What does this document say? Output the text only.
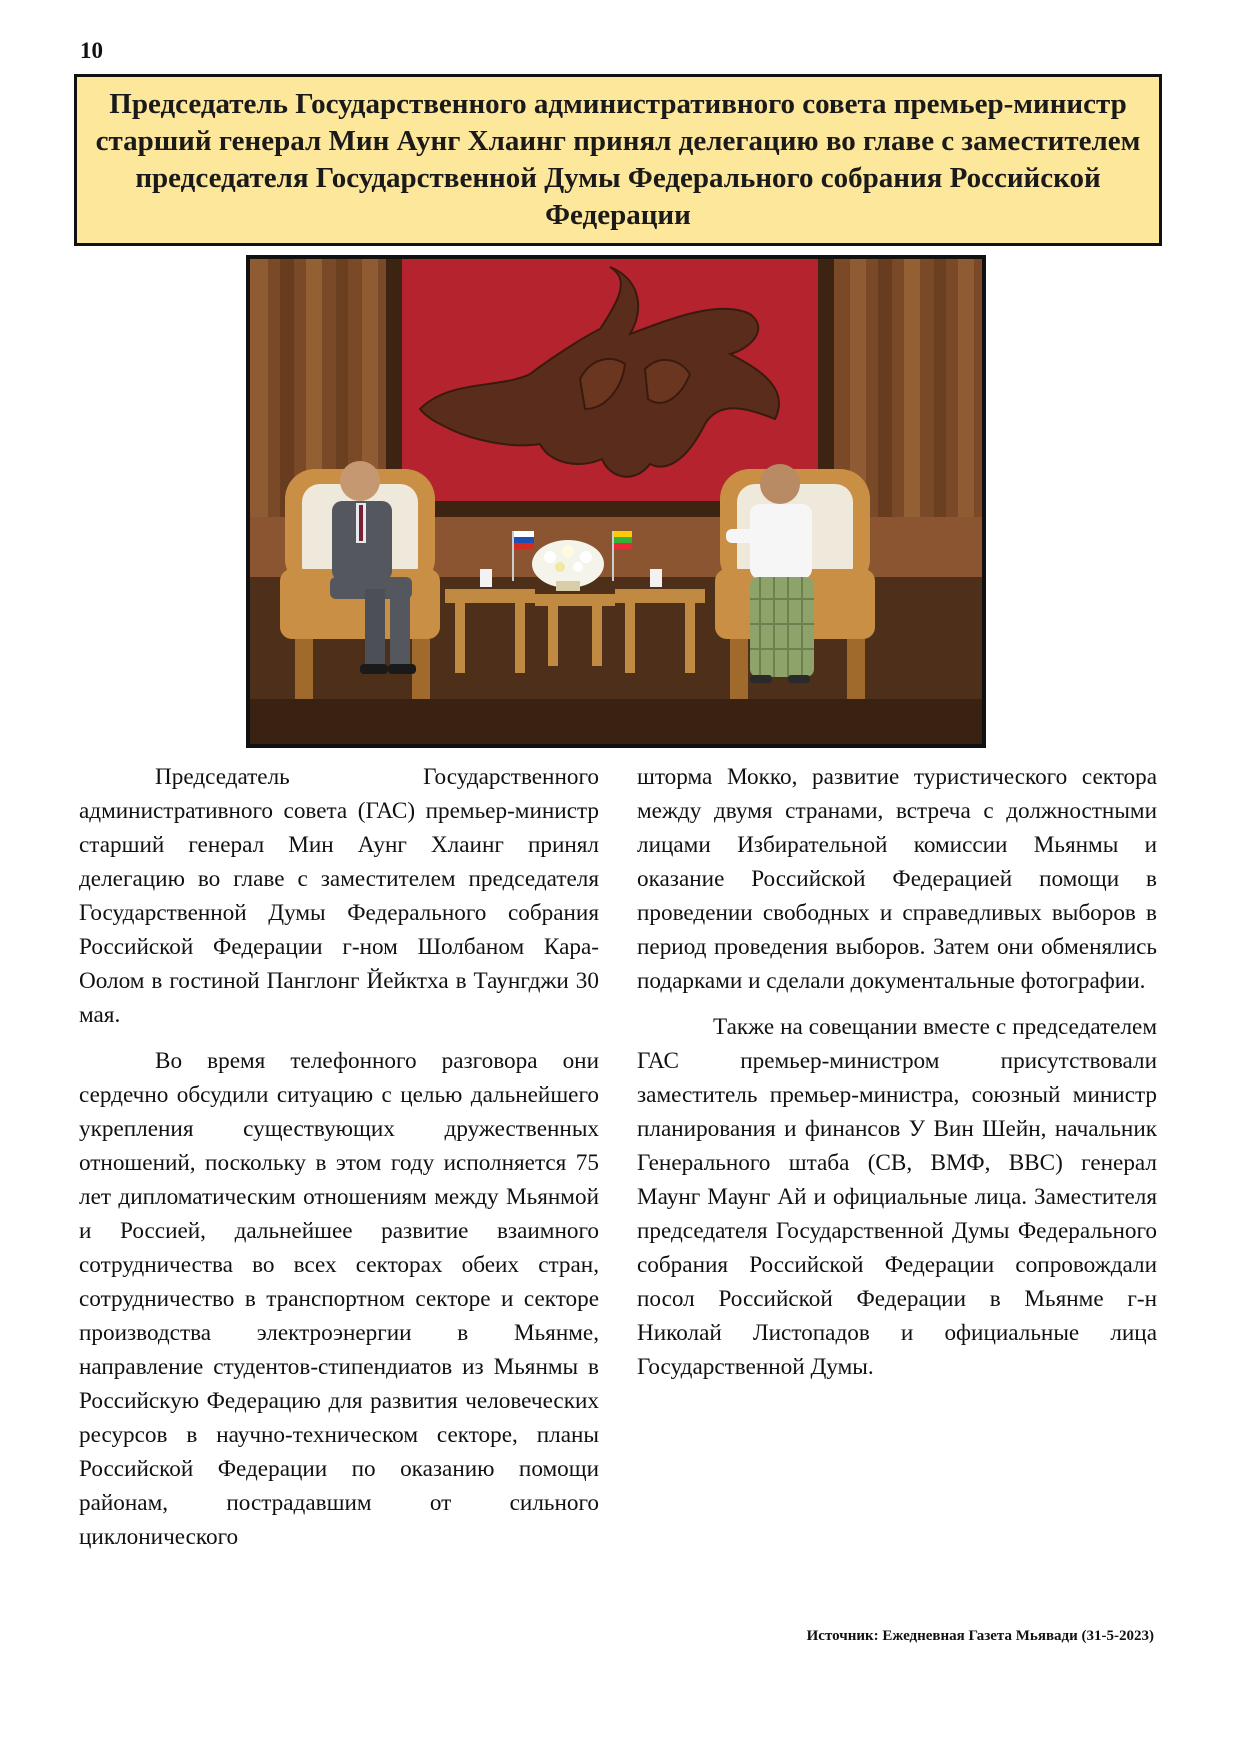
10
Председатель Государственного административного совета премьер-министр старший генерал Мин Аунг Хлаинг принял делегацию во главе с заместителем председателя Государственной Думы Федерального собрания Российской Федерации

Председатель Государственного административного совета (ГАС) премьер-министр старший генерал Мин Аунг Хлаинг принял делегацию во главе с заместителем председателя Государственной Думы Федерального собрания Российской Федерации г-ном Шолбаном Кара-Оолом в гостиной Панглонг Йейктха в Таунгджи 30 мая.

Во время телефонного разговора они сердечно обсудили ситуацию с целью дальнейшего укрепления существующих дружественных отношений, поскольку в этом году исполняется 75 лет дипломатическим отношениям между Мьянмой и Россией, дальнейшее развитие взаимного сотрудничества во всех секторах обеих стран, сотрудничество в транспортном секторе и секторе производства электроэнергии в Мьянме, направление студентов-стипендиатов из Мьянмы в Российскую Федерацию для развития человеческих ресурсов в научно-техническом секторе, планы Российской Федерации по оказанию помощи районам, пострадавшим от сильного циклонического

шторма Мокко, развитие туристического сектора между двумя странами, встреча с должностными лицами Избирательной комиссии Мьянмы и оказание Российской Федерацией помощи в проведении свободных и справедливых выборов в период проведения выборов. Затем они обменялись подарками и сделали документальные фотографии.

Также на совещании вместе с председателем ГАС премьер-министром присутствовали заместитель премьер-министра, союзный министр планирования и финансов У Вин Шейн, начальник Генерального штаба (СВ, ВМФ, ВВС) генерал Маунг Маунг Ай и официальные лица. Заместителя председателя Государственной Думы Федерального собрания Российской Федерации сопровождали посол Российской Федерации в Мьянме г-н Николай Листопадов и официальные лица Государственной Думы.

Источник: Ежедневная Газета Мьявади (31-5-2023)
